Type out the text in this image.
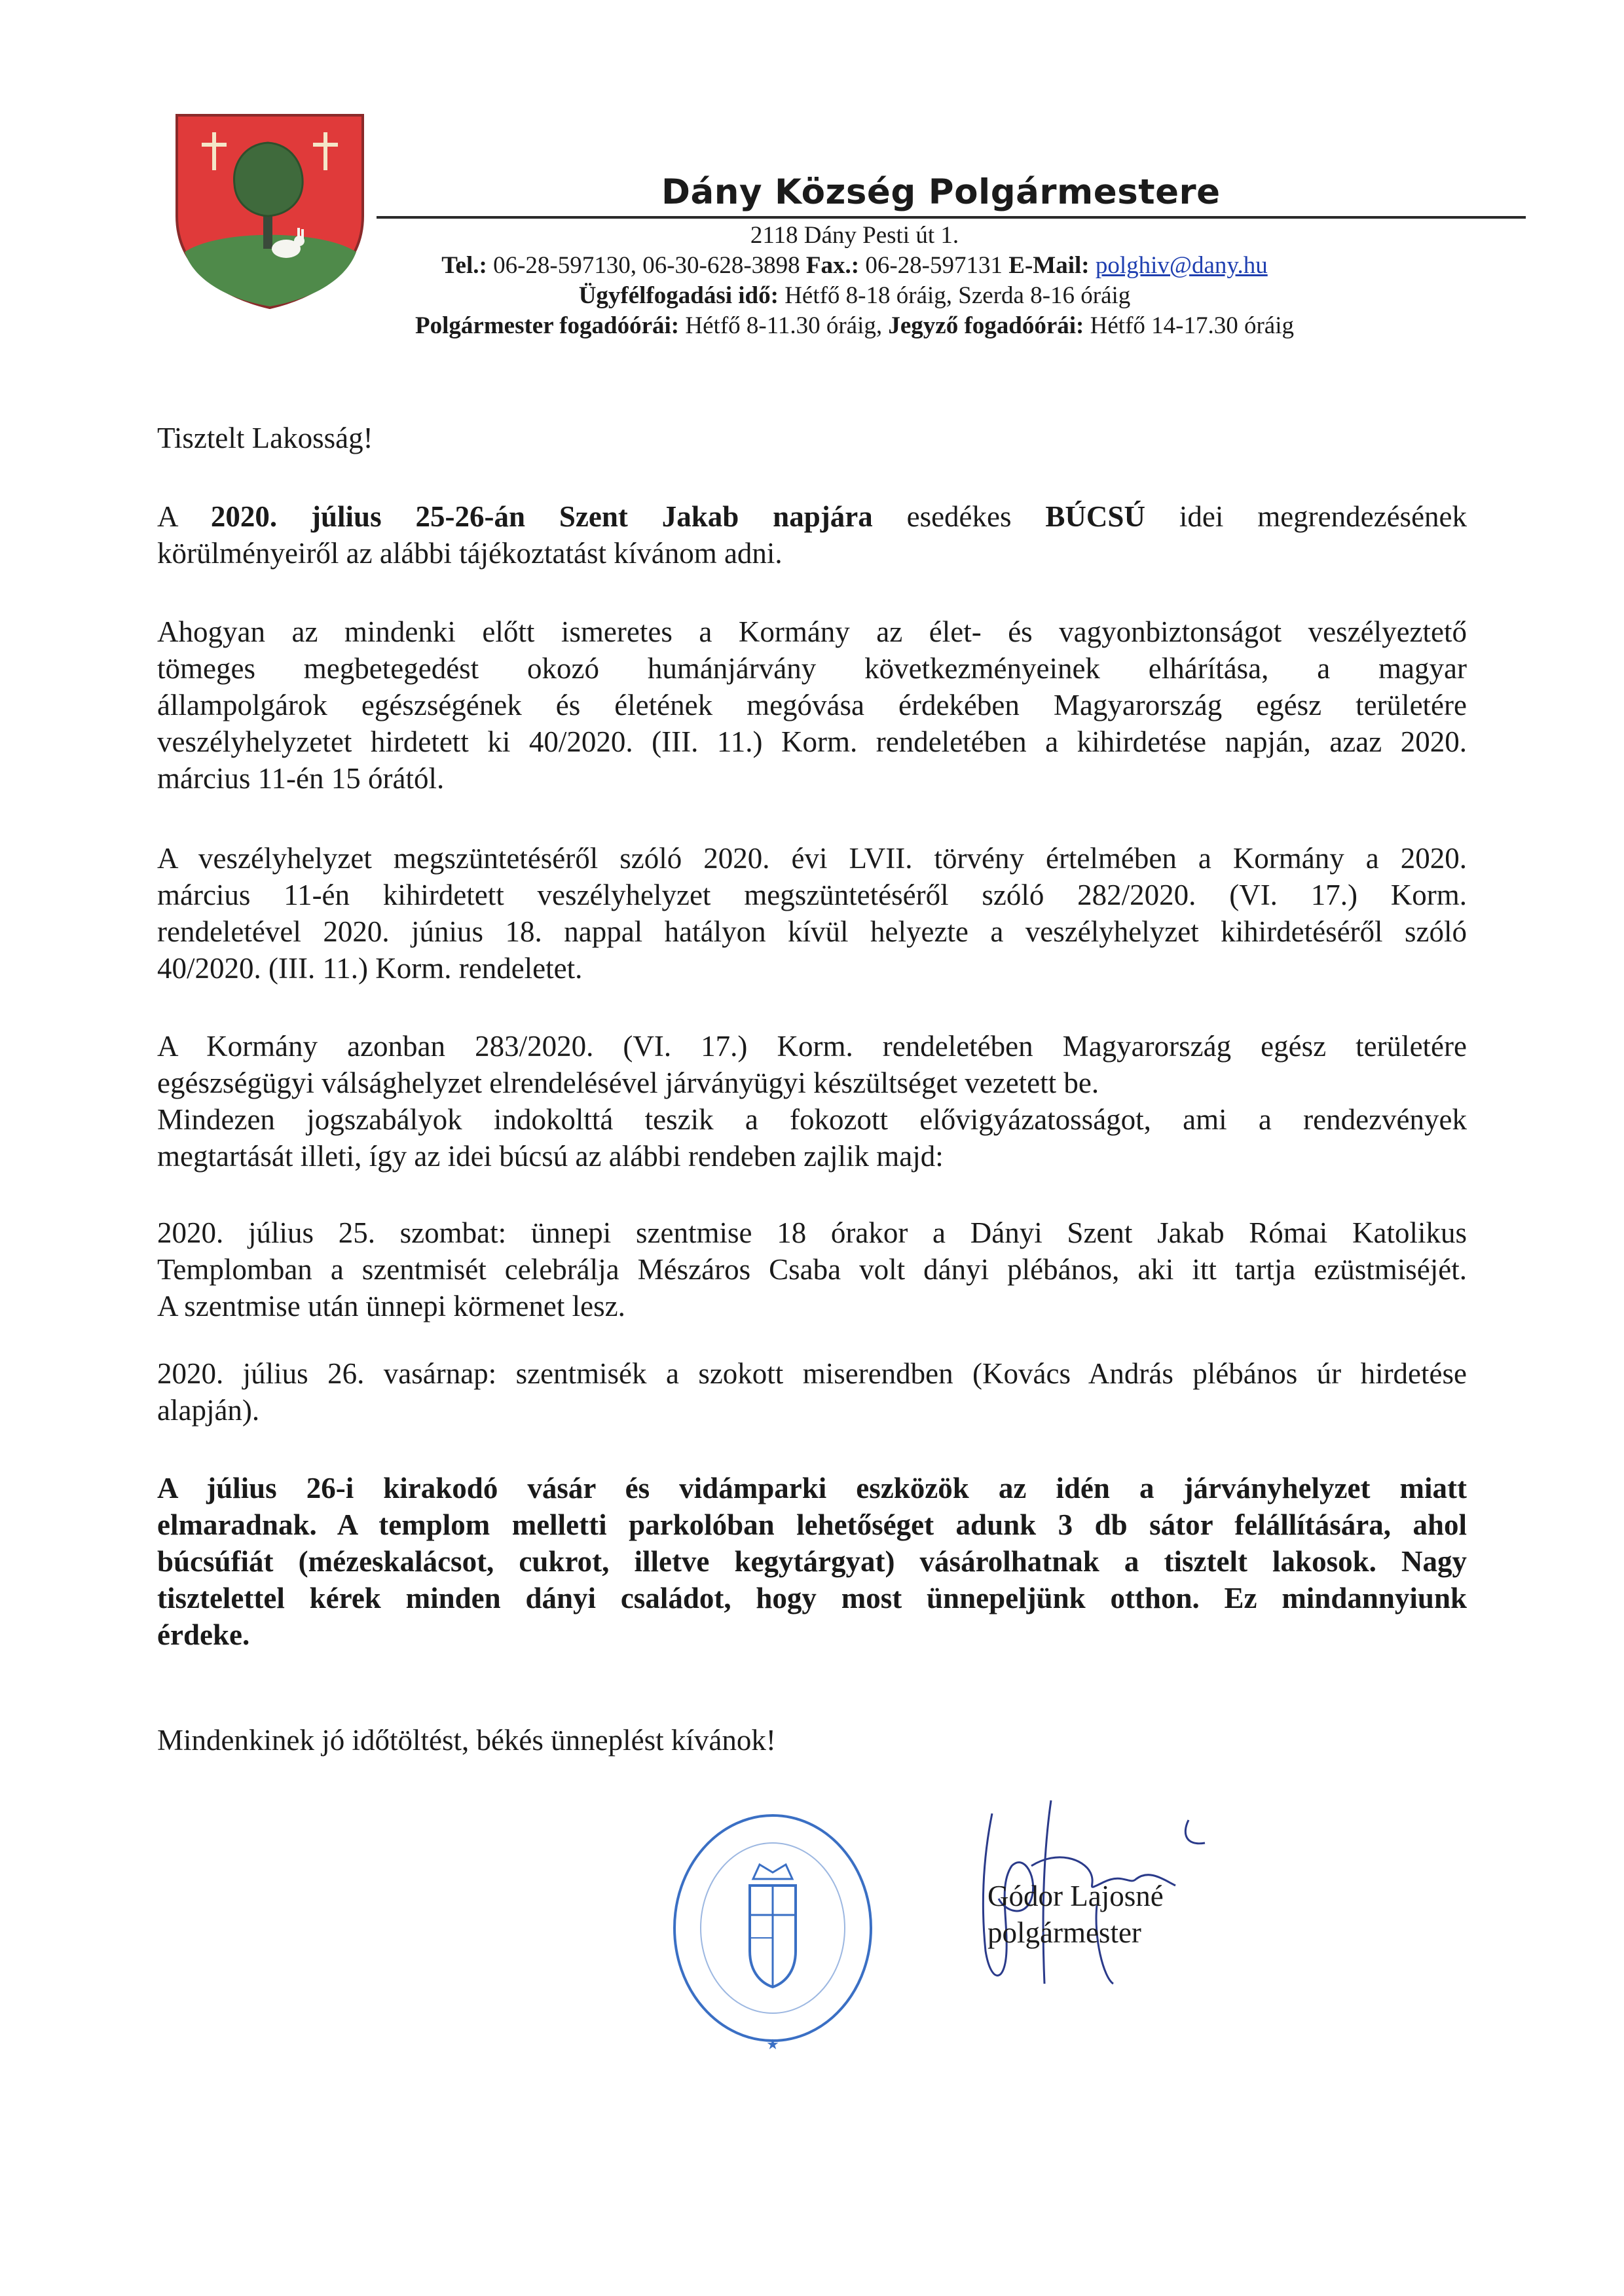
Dány Község Polgármestere
2118 Dány Pesti út 1.
Tel.: 06-28-597130, 06-30-628-3898 Fax.: 06-28-597131 E-Mail: polghiv@dany.hu
Ügyfélfogadási idő: Hétfő 8-18 óráig, Szerda 8-16 óráig
Polgármester fogadóórái: Hétfő 8-11.30 óráig, Jegyző fogadóórái: Hétfő 14-17.30 óráig
Tisztelt Lakosság!
A 2020. július 25-26-án Szent Jakab napjára esedékes BÚCSÚ idei megrendezésének
körülményeiről az alábbi tájékoztatást kívánom adni.
Ahogyan az mindenki előtt ismeretes a Kormány az élet- és vagyonbiztonságot veszélyeztető
tömeges megbetegedést okozó humánjárvány következményeinek elhárítása, a magyar
állampolgárok egészségének és életének megóvása érdekében Magyarország egész területére
veszélyhelyzetet hirdetett ki 40/2020. (III. 11.) Korm. rendeletében a kihirdetése napján, azaz 2020.
március 11-én 15 órától.
A veszélyhelyzet megszüntetéséről szóló 2020. évi LVII. törvény értelmében a Kormány a 2020.
március 11-én kihirdetett veszélyhelyzet megszüntetéséről szóló 282/2020. (VI. 17.) Korm.
rendeletével 2020. június 18. nappal hatályon kívül helyezte a veszélyhelyzet kihirdetéséről szóló
40/2020. (III. 11.) Korm. rendeletet.
A Kormány azonban 283/2020. (VI. 17.) Korm. rendeletében Magyarország egész területére
egészségügyi válsághelyzet elrendelésével járványügyi készültséget vezetett be.
Mindezen jogszabályok indokolttá teszik a fokozott elővigyázatosságot, ami a rendezvények
megtartását illeti, így az idei búcsú az alábbi rendeben zajlik majd:
2020. július 25. szombat: ünnepi szentmise 18 órakor a Dányi Szent Jakab Római Katolikus
Templomban a szentmisét celebrálja Mészáros Csaba volt dányi plébános, aki itt tartja ezüstmiséjét.
A szentmise után ünnepi körmenet lesz.
2020. július 26. vasárnap: szentmisék a szokott miserendben (Kovács András plébános úr hirdetése
alapján).
A július 26-i kirakodó vásár és vidámparki eszközök az idén a járványhelyzet miatt
elmaradnak. A templom melletti parkolóban lehetőséget adunk 3 db sátor felállítására, ahol
búcsúfiát (mézeskalácsot, cukrot, illetve kegytárgyat) vásárolhatnak a tisztelt lakosok. Nagy
tisztelettel kérek minden dányi családot, hogy most ünnepeljünk otthon. Ez mindannyiunk
érdeke.
Mindenkinek jó időtöltést, békés ünneplést kívánok!
★
Gódor Lajosné
polgármester
